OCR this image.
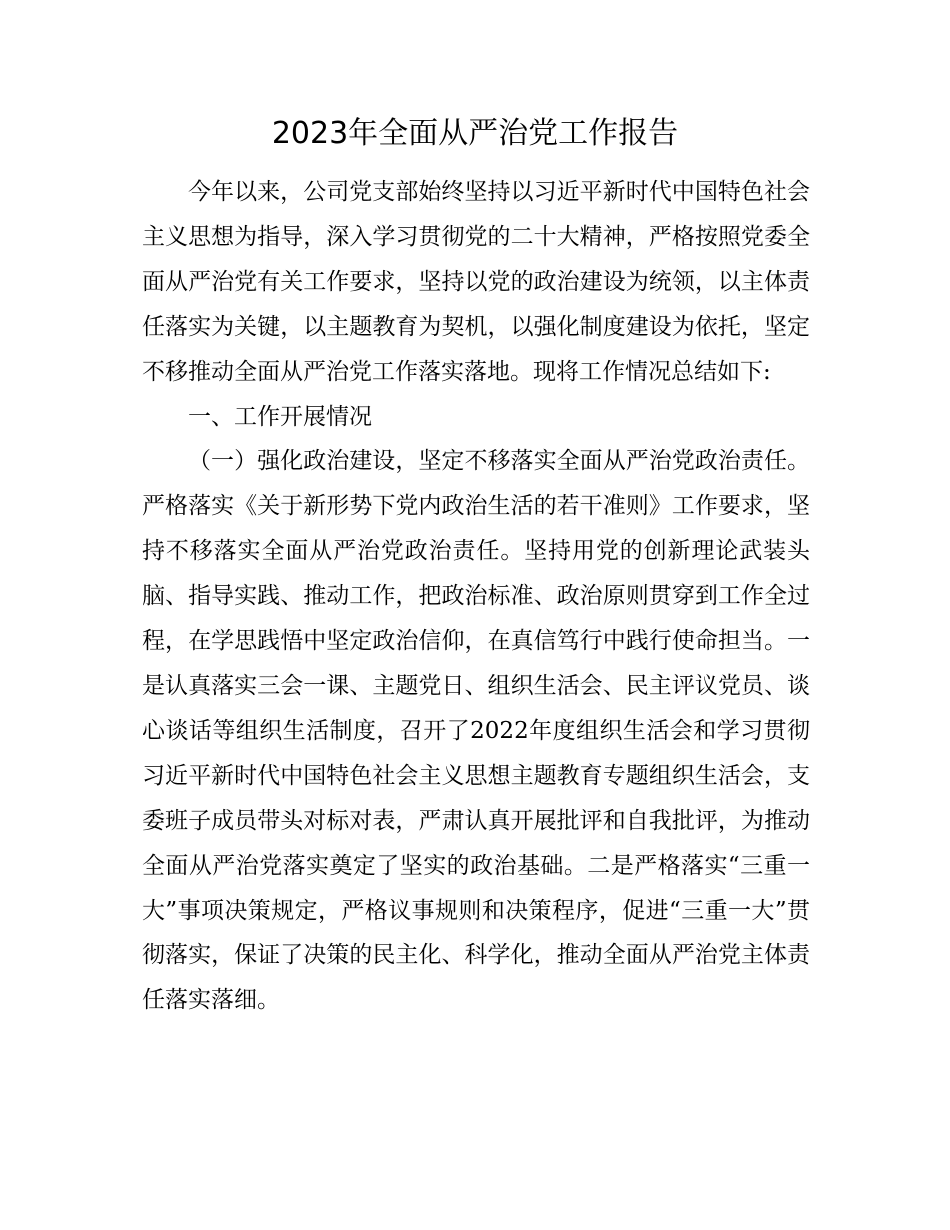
2023年全面从严治党工作报告

今年以来，公司党支部始终坚持以习近平新时代中国特色社会主义思想为指导，深入学习贯彻党的二十大精神，严格按照党委全面从严治党有关工作要求，坚持以党的政治建设为统领，以主体责任落实为关键，以主题教育为契机，以强化制度建设为依托，坚定不移推动全面从严治党工作落实落地。现将工作情况总结如下:

一、工作开展情况

（一）强化政治建设，坚定不移落实全面从严治党政治责任。严格落实《关于新形势下党内政治生活的若干准则》工作要求，坚持不移落实全面从严治党政治责任。坚持用党的创新理论武装头脑、指导实践、推动工作，把政治标准、政治原则贯穿到工作全过程，在学思践悟中坚定政治信仰，在真信笃行中践行使命担当。一是认真落实三会一课、主题党日、组织生活会、民主评议党员、谈心谈话等组织生活制度，召开了2022年度组织生活会和学习贯彻习近平新时代中国特色社会主义思想主题教育专题组织生活会，支委班子成员带头对标对表，严肃认真开展批评和自我批评，为推动全面从严治党落实奠定了坚实的政治基础。二是严格落实“三重一大”事项决策规定，严格议事规则和决策程序，促进“三重一大”贯彻落实，保证了决策的民主化、科学化，推动全面从严治党主体责任落实落细。
